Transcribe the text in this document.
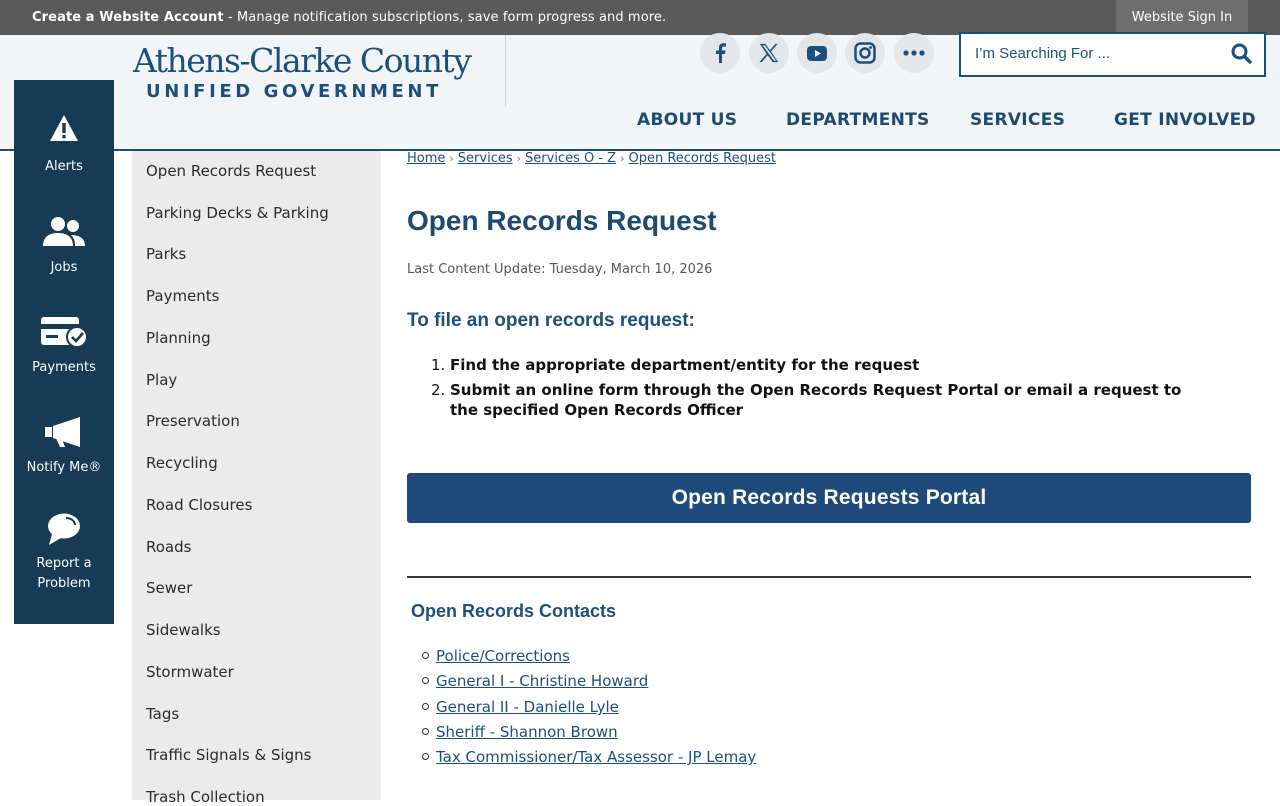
Create a Website Account - Manage notification subscriptions, save form progress and more.	Website Sign In
Athens-Clarke County
UNIFIED GOVERNMENT
I’m Searching For ...
ABOUT US	DEPARTMENTS SERVICES	GET INVOLVED
Alerts
Jobs
Payments
Notify Me®
Report a Problem
Open Records Request
Parking Decks & Parking
Parks
Payments
Planning
Play
Preservation
Recycling
Road Closures
Roads
Sewer
Sidewalks
Stormwater
Tags
Traffic Signals & Signs
Trash Collection
Home › Services › Services O - Z › Open Records Request
Open Records Request
Last Content Update: Tuesday, March 10, 2026
To file an open records request:
1. Find the appropriate department/entity for the request
2. Submit an online form through the Open Records Request Portal or email a request to the specified Open Records Officer
Open Records Requests Portal
Open Records Contacts
Police/Corrections
General I - Christine Howard
General II - Danielle Lyle
Sheriff - Shannon Brown
Tax Commissioner/Tax Assessor - JP Lemay
